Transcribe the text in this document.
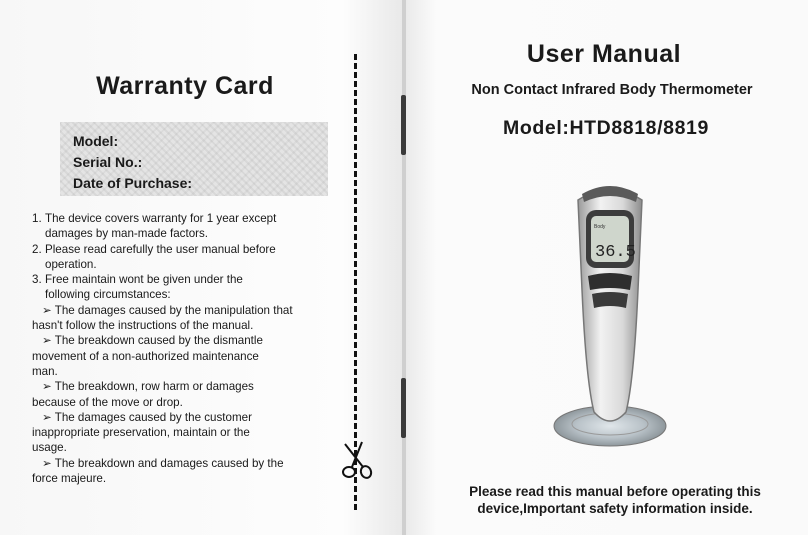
Warranty Card

Model:

Serial No.:

Date of Purchase:

1. The device covers warranty for 1 year except
damages by man-made factors.
2. Please read carefully the user manual before
operation.
3. Free maintain wont be given under the
following circumstances:
➢ The damages caused by the manipulation that
hasn't follow the instructions of the manual.
➢ The breakdown caused by the dismantle
movement of a non-authorized maintenance
man.
➢ The breakdown, row harm or damages
because of the move or drop.
➢ The damages caused by the customer
inappropriate preservation, maintain or the
usage.
➢ The breakdown and damages caused by the
force majeure.
User Manual

Non Contact Infrared Body Thermometer

Model:HTD8818/8819

Body
36.5

Please read this manual before operating this
device,Important safety information inside.
